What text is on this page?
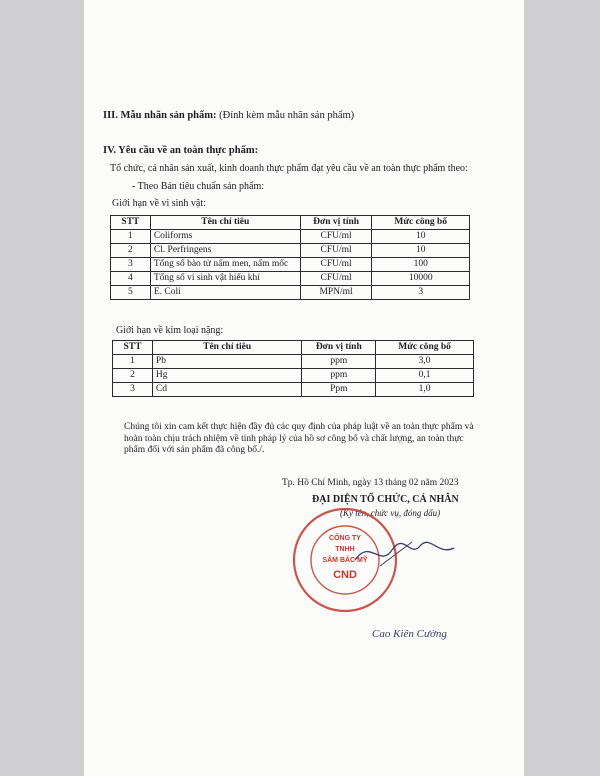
III. Mẫu nhãn sản phẩm: (Đính kèm mẫu nhãn sản phẩm)
IV. Yêu cầu về an toàn thực phẩm:
Tổ chức, cá nhân sản xuất, kinh doanh thực phẩm đạt yêu cầu về an toàn thực phẩm theo:
- Theo Bản tiêu chuẩn sản phẩm:
Giới hạn về vi sinh vật:
STT	Tên chỉ tiêu	Đơn vị tính	Mức công bố
1	Coliforms	CFU/ml	10
2	Cl. Perfringens	CFU/ml	10
3	Tổng số bào tử nấm men, nấm mốc	CFU/ml	100
4	Tổng số vi sinh vật hiếu khí	CFU/ml	10000
5	E. Coli	MPN/ml	3
Giới hạn về kim loại nặng:
STT	Tên chỉ tiêu	Đơn vị tính	Mức công bố
1	Pb	ppm	3,0
2	Hg	ppm	0,1
3	Cd	Ppm	1,0
Chúng tôi xin cam kết thực hiện đầy đủ các quy định của pháp luật về an toàn thực phẩm và hoàn toàn chịu trách nhiệm về tính pháp lý của hồ sơ công bố và chất lượng, an toàn thực phẩm đối với sản phẩm đã công bố./.
Tp. Hồ Chí Minh, ngày 13 tháng 02 năm 2023
ĐẠI DIỆN TỔ CHỨC, CÁ NHÂN
(Ký tên, chức vụ, đóng dấu)
CÔNG TY
TNHH
SÂM BẮC MỸ
CND
Cao Kiên Cường
